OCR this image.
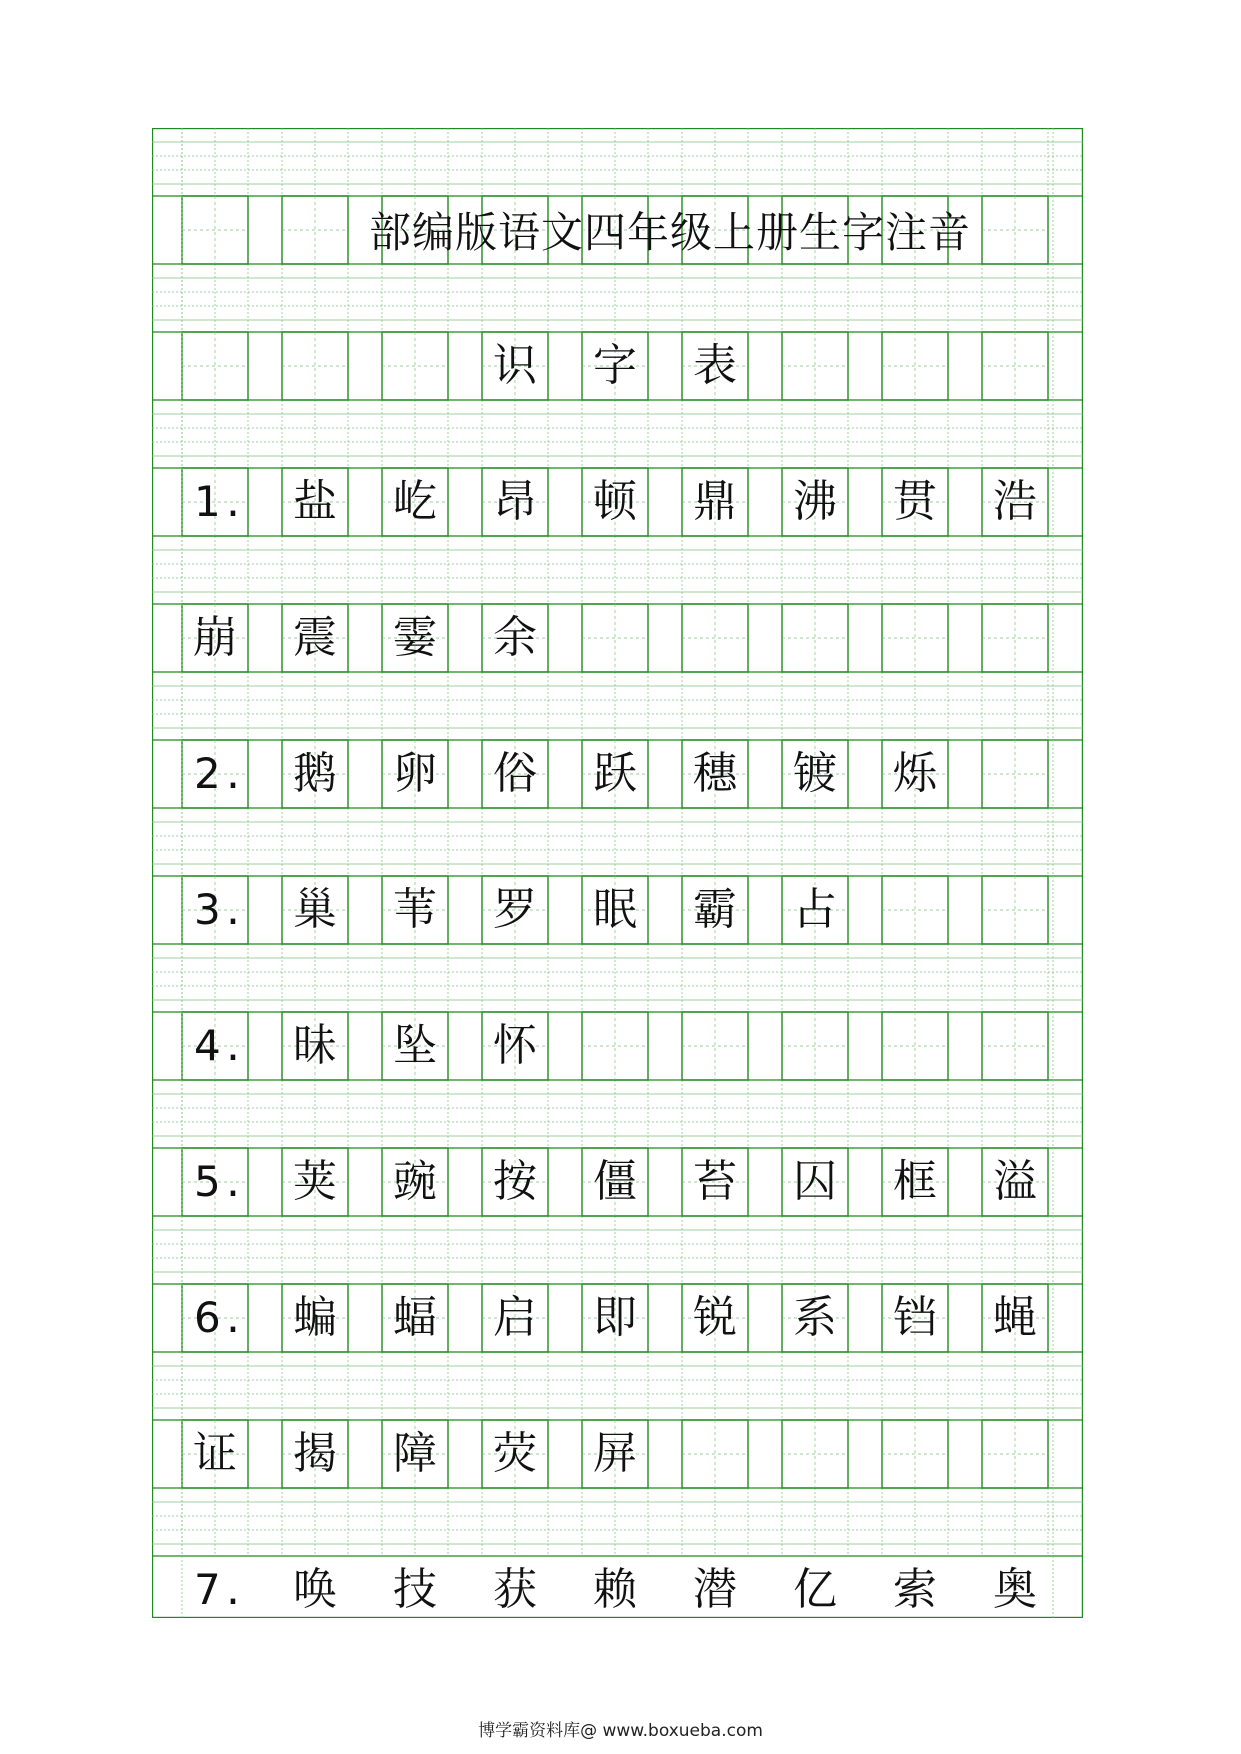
部编版语文四年级上册生字注音
识 字 表
1 . 盐 屹 昂 顿 鼎 沸 贯 浩
崩 震 霎 余
2 . 鹅 卵 俗 跃 穗 镀 烁
3 . 巢 苇 罗 眠 霸 占
4 . 昧 坠 怀
5 . 荚 豌 按 僵 苔 囚 框 溢
6 . 蝙 蝠 启 即 锐 系 铛 蝇
证 揭 障 荧 屏
7 . 唤 技 获 赖 潜 亿 索 奥
博学霸资料库@ www.boxueba.com
